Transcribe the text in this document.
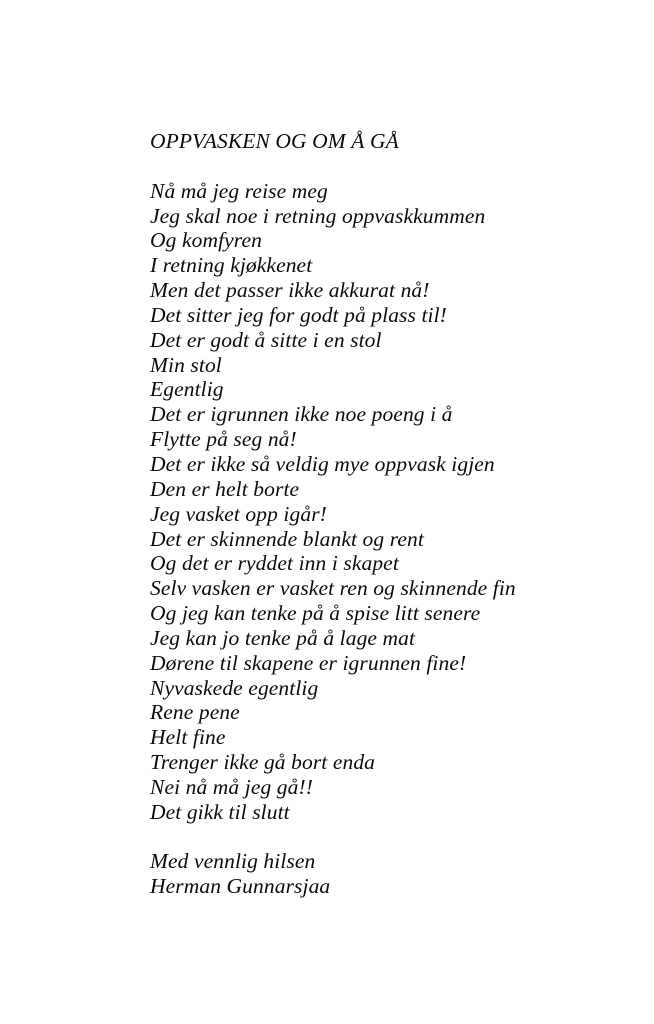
OPPVASKEN OG OM Å GÅ
Nå må jeg reise meg
Jeg skal noe i retning oppvaskkummen
Og komfyren
I retning kjøkkenet
Men det passer ikke akkurat nå!
Det sitter jeg for godt på plass til!
Det er godt å sitte i en stol
Min stol
Egentlig
Det er igrunnen ikke noe poeng i å
Flytte på seg nå!
Det er ikke så veldig mye oppvask igjen
Den er helt borte
Jeg vasket opp igår!
Det er skinnende blankt og rent
Og det er ryddet inn i skapet
Selv vasken er vasket ren og skinnende fin
Og jeg kan tenke på å spise litt senere
Jeg kan jo tenke på å lage mat
Dørene til skapene er igrunnen fine!
Nyvaskede egentlig
Rene pene
Helt fine
Trenger ikke gå bort enda
Nei nå må jeg gå!!
Det gikk til slutt
Med vennlig hilsen
Herman Gunnarsjaa
